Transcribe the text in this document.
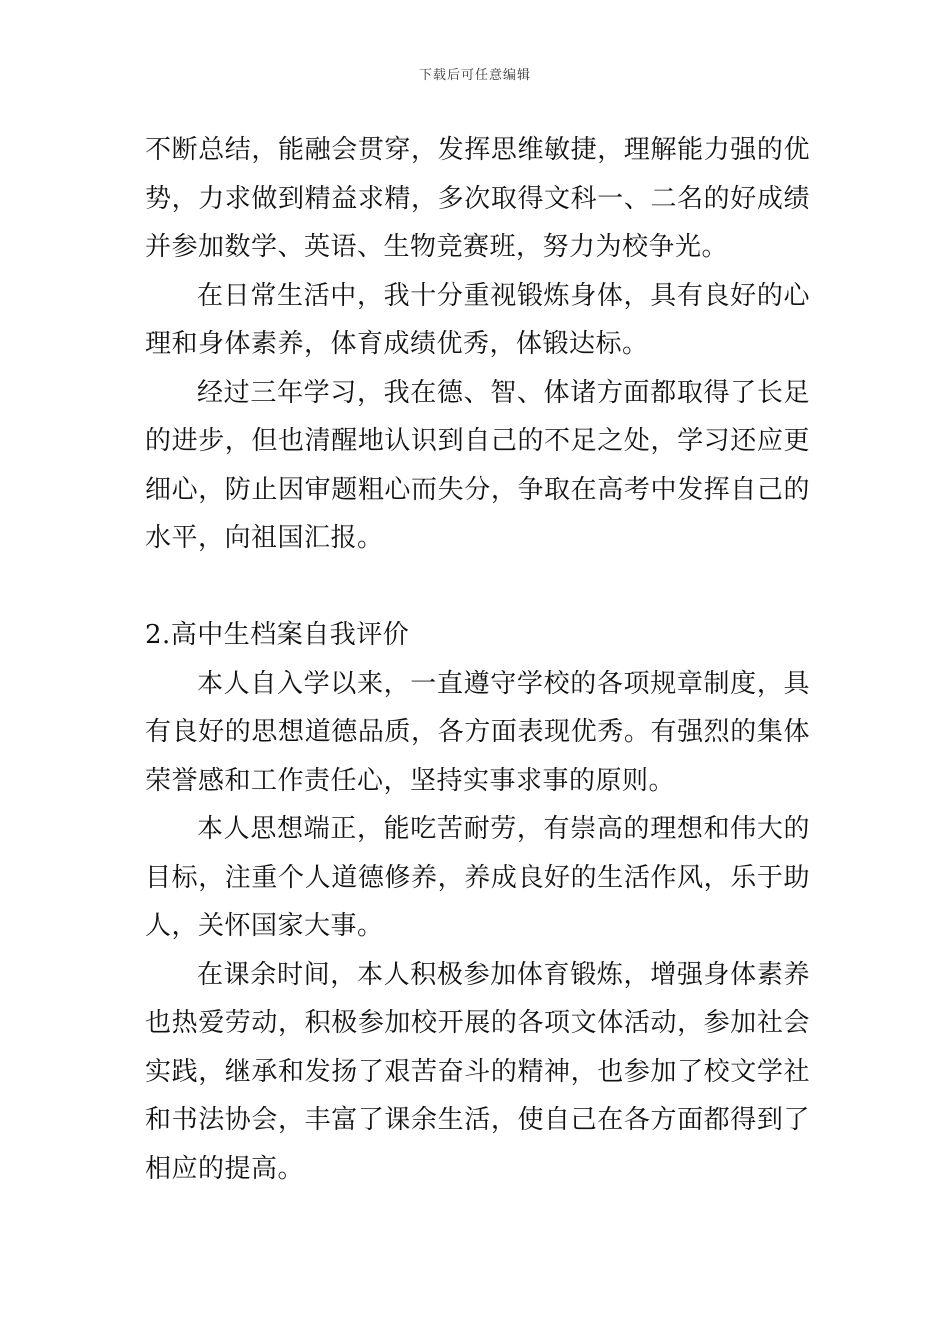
下载后可任意编辑

不断总结，能融会贯穿，发挥思维敏捷，理解能力强的优势，力求做到精益求精，多次取得文科一、二名的好成绩并参加数学、英语、生物竞赛班，努力为校争光。

在日常生活中，我十分重视锻炼身体，具有良好的心理和身体素养，体育成绩优秀，体锻达标。

经过三年学习，我在德、智、体诸方面都取得了长足的进步，但也清醒地认识到自己的不足之处，学习还应更细心，防止因审题粗心而失分，争取在高考中发挥自己的水平，向祖国汇报。

2.高中生档案自我评价

本人自入学以来，一直遵守学校的各项规章制度，具有良好的思想道德品质，各方面表现优秀。有强烈的集体荣誉感和工作责任心，坚持实事求事的原则。

本人思想端正，能吃苦耐劳，有崇高的理想和伟大的目标，注重个人道德修养，养成良好的生活作风，乐于助人，关怀国家大事。

在课余时间，本人积极参加体育锻炼，增强身体素养也热爱劳动，积极参加校开展的各项文体活动，参加社会实践，继承和发扬了艰苦奋斗的精神，也参加了校文学社和书法协会，丰富了课余生活，使自己在各方面都得到了相应的提高。
